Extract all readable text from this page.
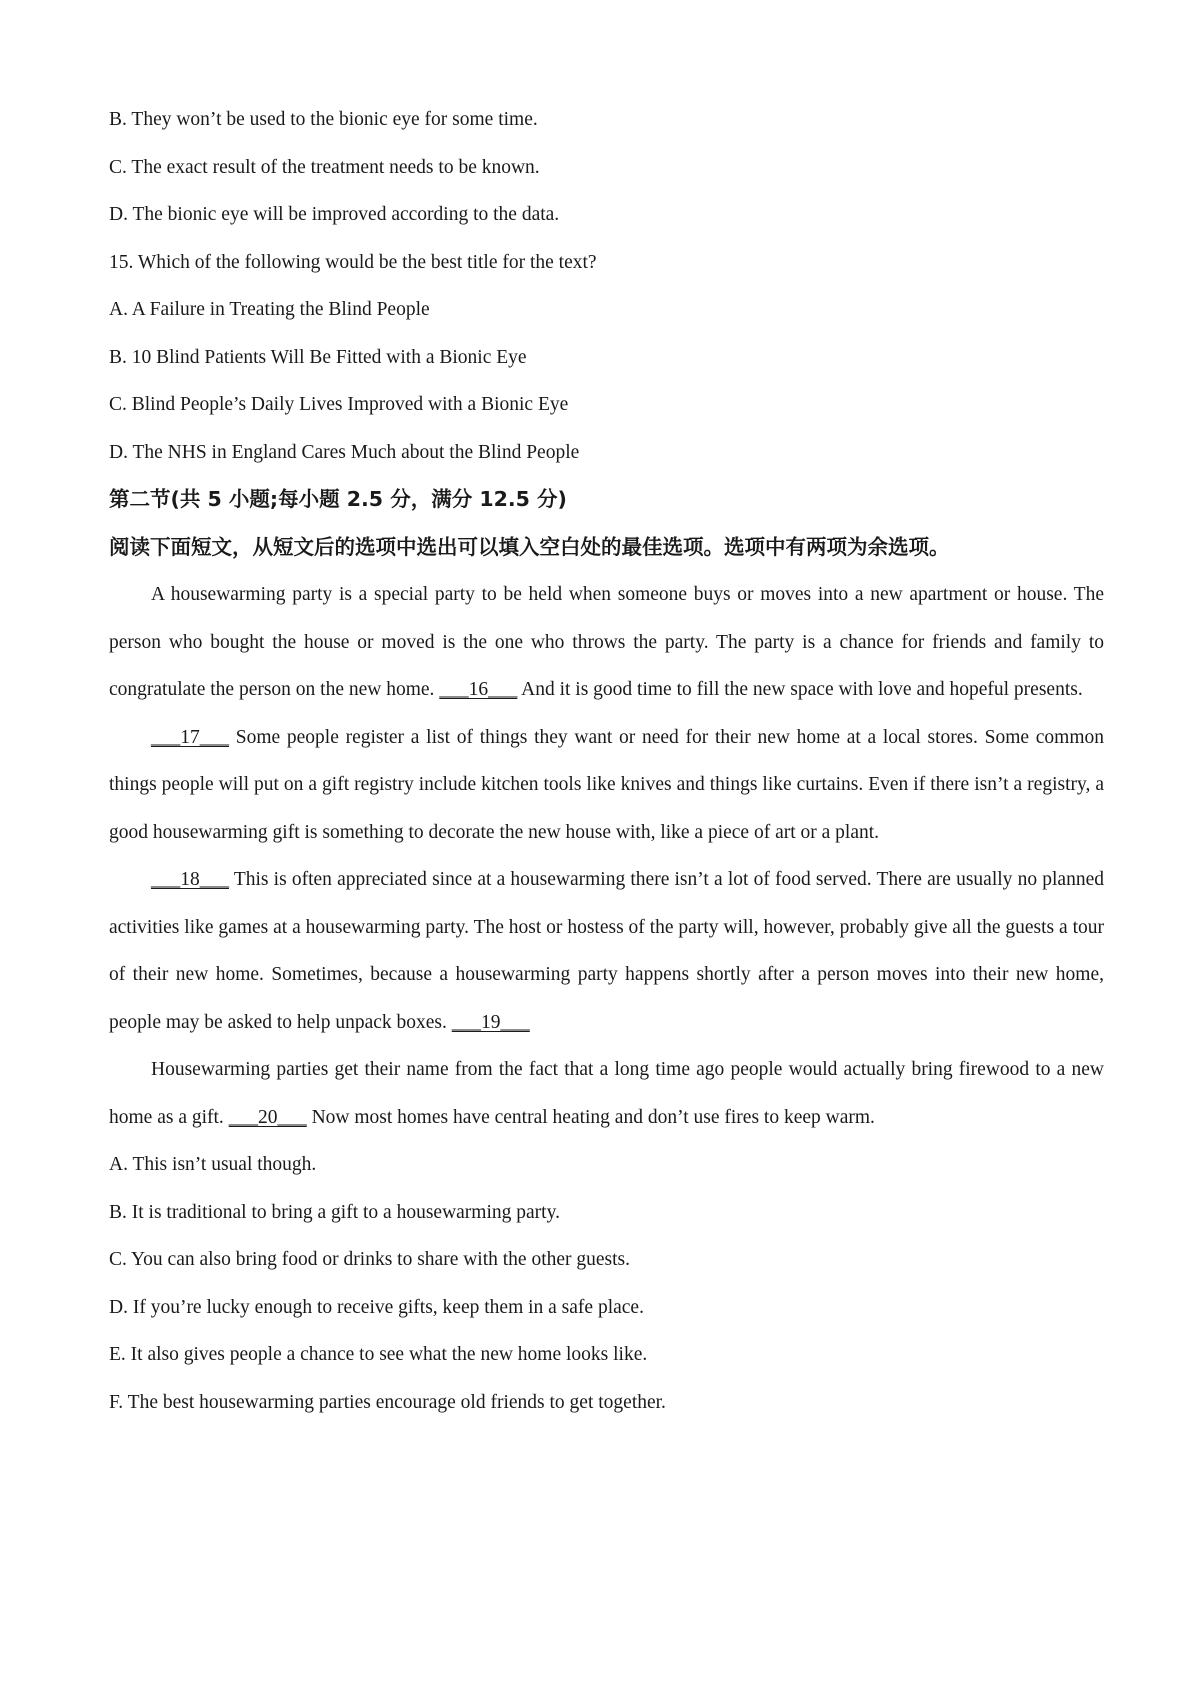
B. They won’t be used to the bionic eye for some time.
C. The exact result of the treatment needs to be known.
D. The bionic eye will be improved according to the data.
15. Which of the following would be the best title for the text?
A. A Failure in Treating the Blind People
B. 10 Blind Patients Will Be Fitted with a Bionic Eye
C. Blind People’s Daily Lives Improved with a Bionic Eye
D. The NHS in England Cares Much about the Blind People
第二节(共 5 小题;每小题 2.5 分，满分 12.5 分)
阅读下面短文，从短文后的选项中选出可以填入空白处的最佳选项。选项中有两项为余选项。

A housewarming party is a special party to be held when someone buys or moves into a new apartment or house. The person who bought the house or moved is the one who throws the party. The party is a chance for friends and family to congratulate the person on the new home. ___16___ And it is good time to fill the new space with love and hopeful presents.

___17___ Some people register a list of things they want or need for their new home at a local stores. Some common things people will put on a gift registry include kitchen tools like knives and things like curtains. Even if there isn’t a registry, a good housewarming gift is something to decorate the new house with, like a piece of art or a plant.

___18___ This is often appreciated since at a housewarming there isn’t a lot of food served. There are usually no planned activities like games at a housewarming party. The host or hostess of the party will, however, probably give all the guests a tour of their new home. Sometimes, because a housewarming party happens shortly after a person moves into their new home, people may be asked to help unpack boxes. ___19___

Housewarming parties get their name from the fact that a long time ago people would actually bring firewood to a new home as a gift. ___20___ Now most homes have central heating and don’t use fires to keep warm.

A. This isn’t usual though.
B. It is traditional to bring a gift to a housewarming party.
C. You can also bring food or drinks to share with the other guests.
D. If you’re lucky enough to receive gifts, keep them in a safe place.
E. It also gives people a chance to see what the new home looks like.
F. The best housewarming parties encourage old friends to get together.
